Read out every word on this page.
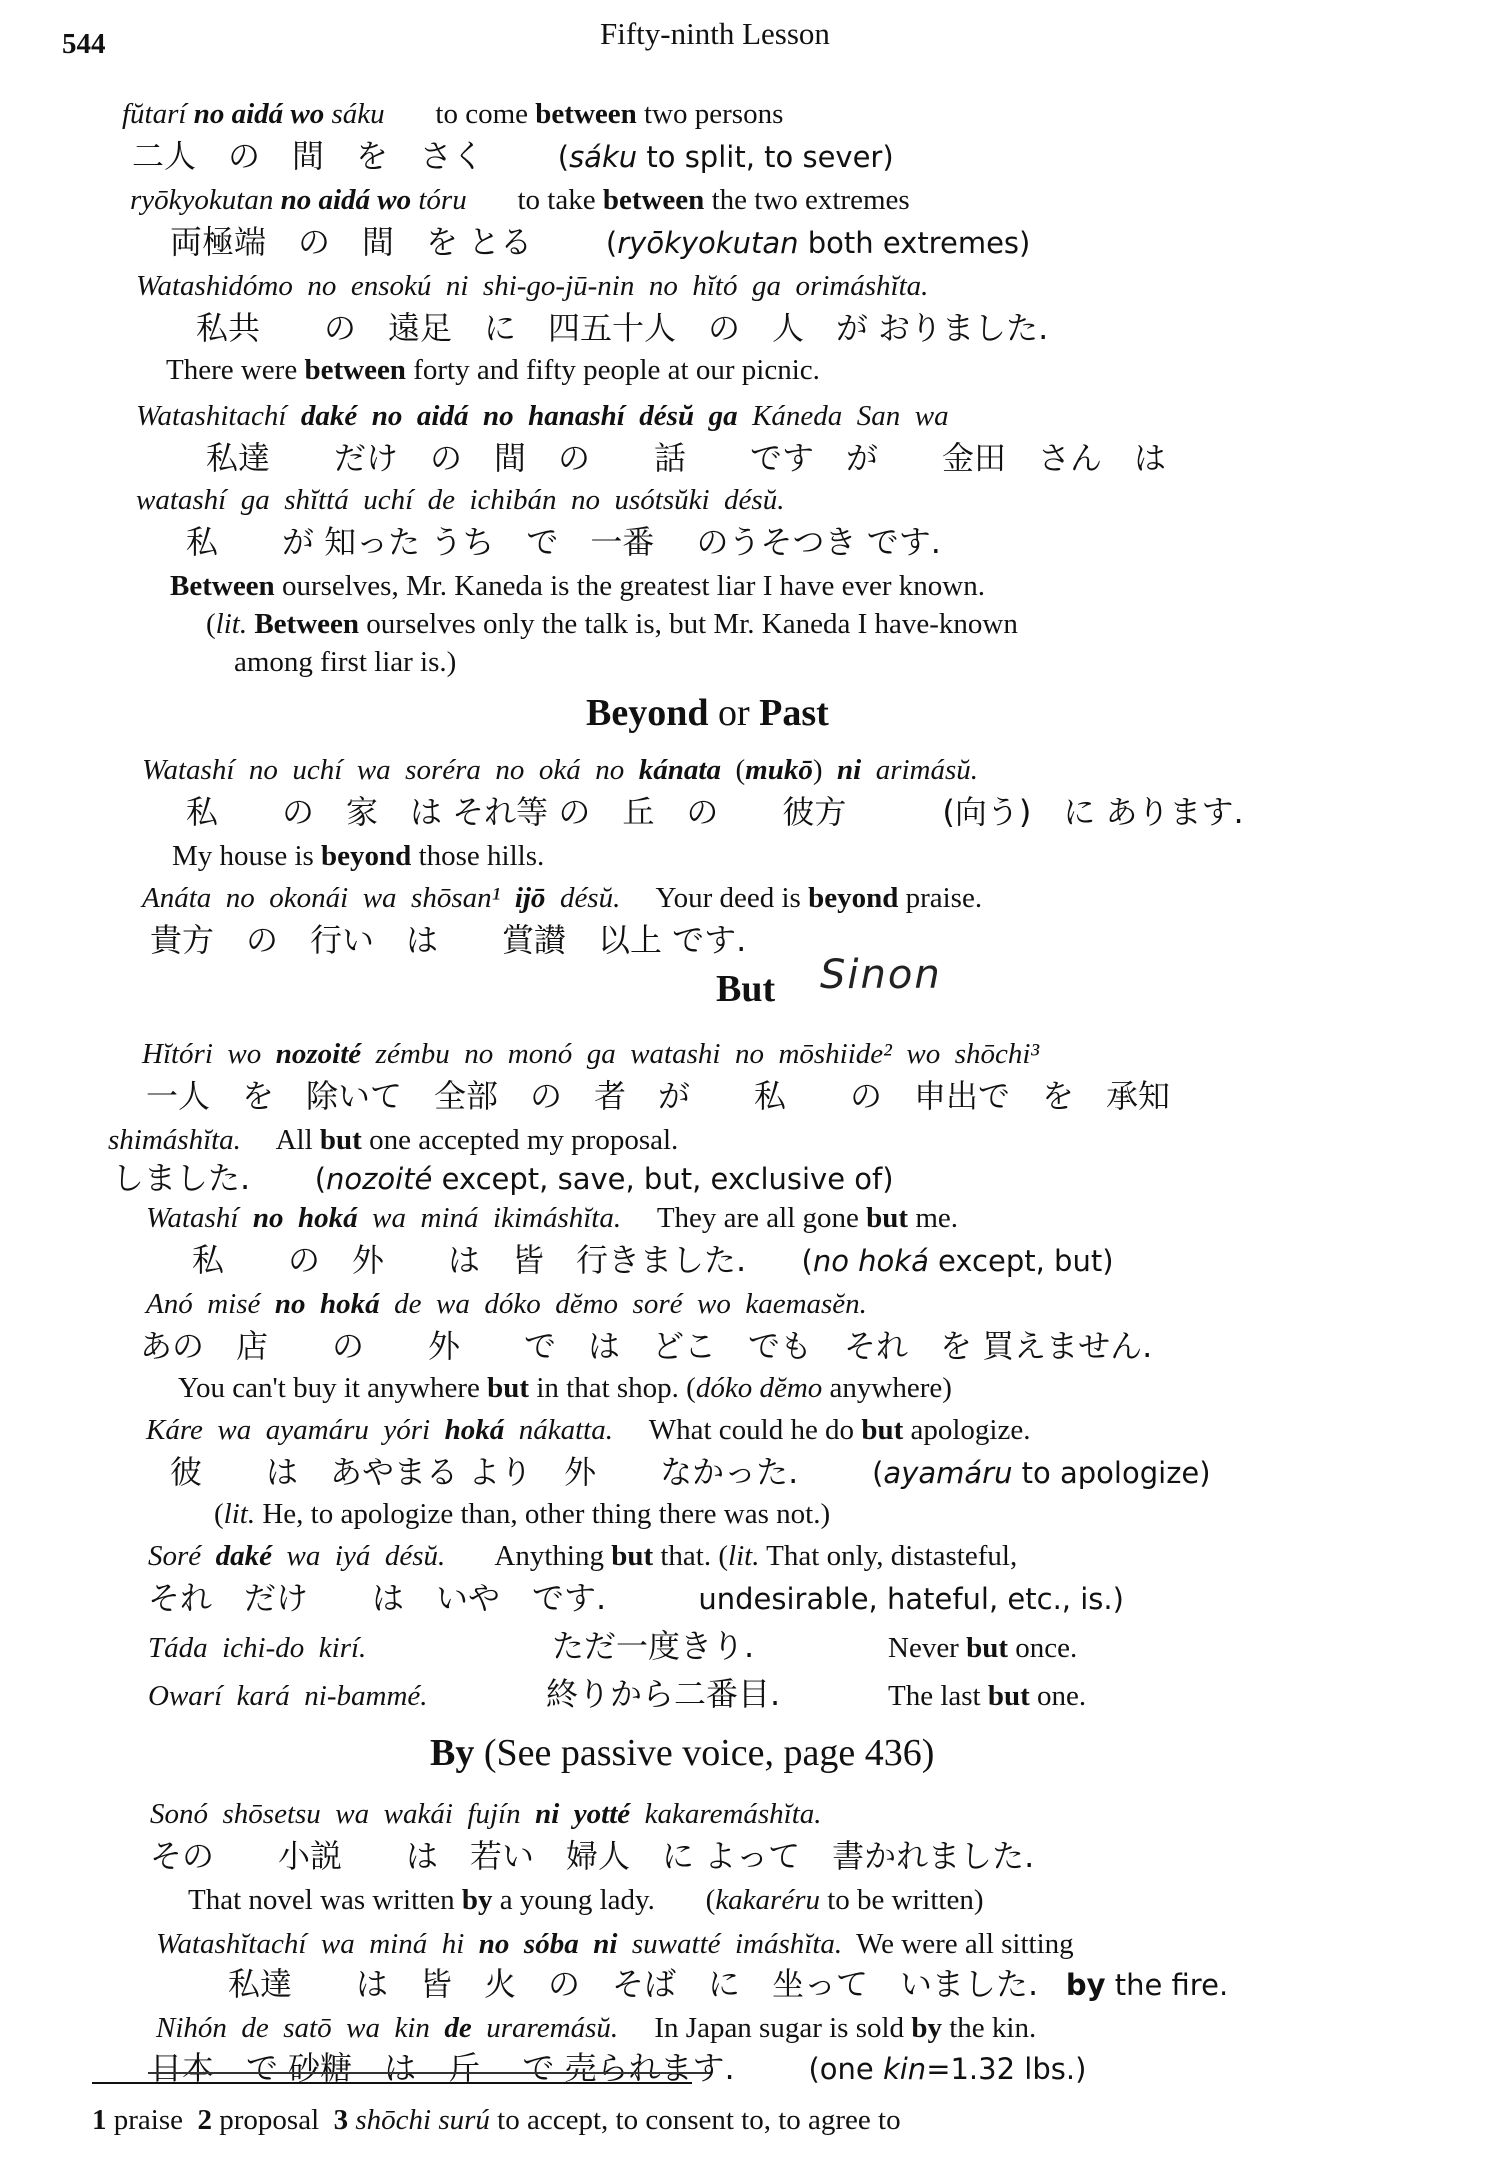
544	Fifty-ninth Lesson
Sinon
fŭtarí no aidá wo sáku       to come between two persons
二人　の　間　を　さく        (sáku to split, to sever)
ryōkyokutan no aidá wo tóru       to take between the two extremes
両極端　の　間　を とる        (ryōkyokutan both extremes)
Watashidómo  no  ensokú  ni  shi-go-jū-nin  no  hĭtó  ga  orimáshĭta.
私共　　の　遠足　に　四五十人　の　人　が おりました.
There were between forty and fifty people at our picnic.
Watashitachí  daké  no  aidá  no  hanashí  désŭ  ga  Káneda  San  wa
私達　　だけ　の　間　の　　話　　です　が　　金田　さん　は
watashí  ga  shĭttá  uchí  de  ichibán  no  usótsŭki  désŭ.
私　　が 知った うち　で　一番　 のうそつき です.
Between ourselves, Mr. Kaneda is the greatest liar I have ever known.
(lit. Between ourselves only the talk is, but Mr. Kaneda I have-known
among first liar is.)
Beyond or Past
Watashí  no  uchí  wa  soréra  no  oká  no  kánata  (mukō)  ni  arimásŭ.
私　　の　家　は それ等 の　丘　の　　彼方　　　(向う)　に あります.
My house is beyond those hills.
Anáta  no  okonái  wa  shōsan¹  ijō  désŭ.     Your deed is beyond praise.
貴方　の　行い　は　　賞讃　以上 です.
But
Hĭtóri  wo  nozoité  zémbu  no  monó  ga  watashi  no  mōshiide²  wo  shōchi³
一人　を　除いて　全部　の　者　が　　私　　の　申出で　を　承知
shimáshĭta.     All but one accepted my proposal.
しました.       (nozoité except, save, but, exclusive of)
Watashí  no  hoká  wa  miná  ikimáshĭta.     They are all gone but me.
私　　の　外　　は　皆　行きました.      (no hoká except, but)
Anó  misé  no  hoká  de  wa  dóko  dĕmo  soré  wo  kaemasĕn.
あの　店　　の　　外　　で　は　どこ　でも　それ　を 買えません.
You can't buy it anywhere but in that shop. (dóko dĕmo anywhere)
Káre  wa  ayamáru  yóri  hoká  nákatta.     What could he do but apologize.
彼　　は　あやまる より　外　　なかった.        (ayamáru to apologize)
(lit. He, to apologize than, other thing there was not.)
Soré  daké  wa  iyá  désŭ.       Anything but that. (lit. That only, distasteful,
それ　だけ　　は　いや　です.          undesirable, hateful, etc., is.)
Táda  ichi-do  kirí.	ただ一度きり.	Never but once.
Owarí  kará  ni-bammé.	終りから二番目.	The last but one.
By (See passive voice, page 436)
Sonó  shōsetsu  wa  wakái  fujín  ni  yotté  kakaremáshĭta.
その　　小説　　は　若い　婦人　に よって　書かれました.
That novel was written by a young lady.       (kakaréru to be written)
Watashĭtachí  wa  miná  hi  no  sóba  ni  suwatté  imáshĭta.  We were all sitting
私達　　は　皆　火　の　そば　に　坐って　いました. by the fire.
Nihón  de  satō  wa  kin  de  uraremásŭ.     In Japan sugar is sold by the kin.
日本　で 砂糖　は　斤　 で 売られます.        (one kin=1.32 lbs.)
1 praise  2 proposal  3 shōchi surú to accept, to consent to, to agree to
